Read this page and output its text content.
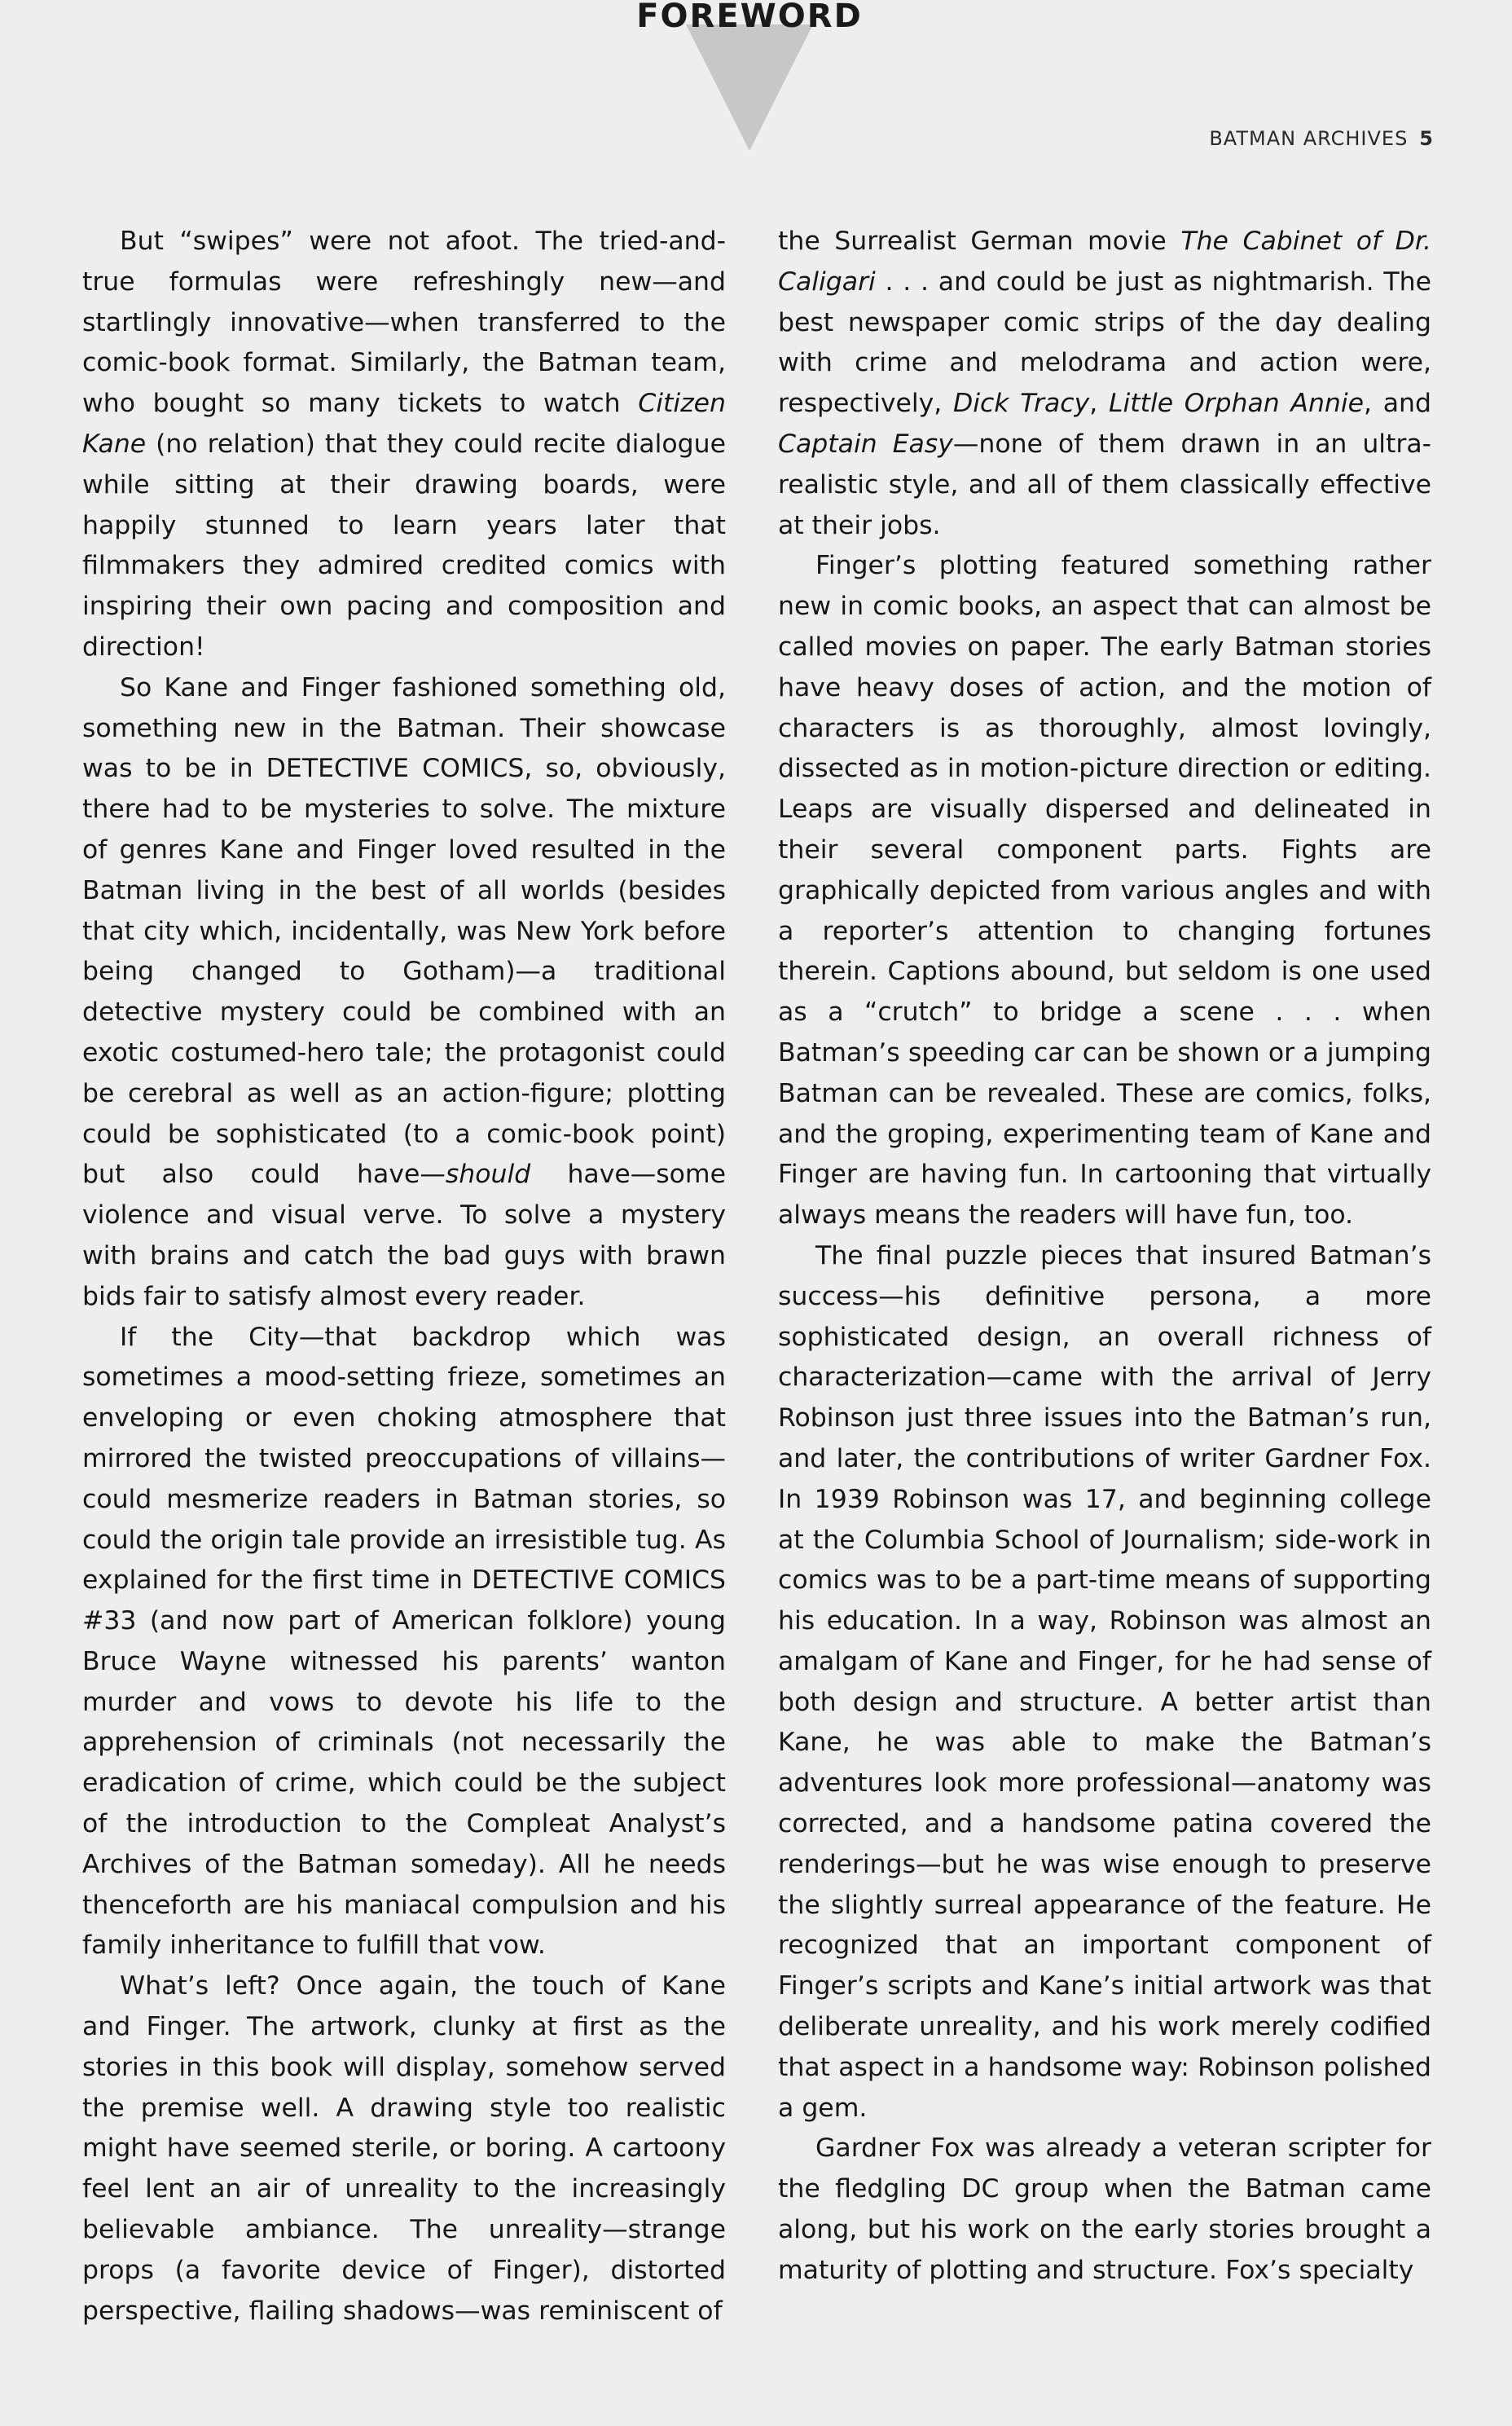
FOREWORD
BATMAN ARCHIVES 5

But “swipes” were not afoot. The tried-and-true formulas were refreshingly new—and startlingly innovative—when transferred to the comic-book format. Similarly, the Batman team, who bought so many tickets to watch Citizen Kane (no relation) that they could recite dialogue while sitting at their drawing boards, were happily stunned to learn years later that filmmakers they admired credited comics with inspiring their own pacing and composition and direction!

So Kane and Finger fashioned something old, something new in the Batman. Their showcase was to be in DETECTIVE COMICS, so, obviously, there had to be mysteries to solve. The mixture of genres Kane and Finger loved resulted in the Batman living in the best of all worlds (besides that city which, incidentally, was New York before being changed to Gotham)—a traditional detective mystery could be combined with an exotic costumed-hero tale; the protagonist could be cerebral as well as an action-figure; plotting could be sophisticated (to a comic-book point) but also could have—should have—some violence and visual verve. To solve a mystery with brains and catch the bad guys with brawn bids fair to satisfy almost every reader.

If the City—that backdrop which was sometimes a mood-setting frieze, sometimes an enveloping or even choking atmosphere that mirrored the twisted preoccupations of villains—could mesmerize readers in Batman stories, so could the origin tale provide an irresistible tug. As explained for the first time in DETECTIVE COMICS #33 (and now part of American folklore) young Bruce Wayne witnessed his parents’ wanton murder and vows to devote his life to the apprehension of criminals (not necessarily the eradication of crime, which could be the subject of the introduction to the Compleat Analyst’s Archives of the Batman someday). All he needs thenceforth are his maniacal compulsion and his family inheritance to fulfill that vow.

What’s left? Once again, the touch of Kane and Finger. The artwork, clunky at first as the stories in this book will display, somehow served the premise well. A drawing style too realistic might have seemed sterile, or boring. A cartoony feel lent an air of unreality to the increasingly believable ambiance. The unreality—strange props (a favorite device of Finger), distorted perspective, flailing shadows—was reminiscent of

the Surrealist German movie The Cabinet of Dr. Caligari . . . and could be just as nightmarish. The best newspaper comic strips of the day dealing with crime and melodrama and action were, respectively, Dick Tracy, Little Orphan Annie, and Captain Easy—none of them drawn in an ultra-realistic style, and all of them classically effective at their jobs.

Finger’s plotting featured something rather new in comic books, an aspect that can almost be called movies on paper. The early Batman stories have heavy doses of action, and the motion of characters is as thoroughly, almost lovingly, dissected as in motion-picture direction or editing. Leaps are visually dispersed and delineated in their several component parts. Fights are graphically depicted from various angles and with a reporter’s attention to changing fortunes therein. Captions abound, but seldom is one used as a “crutch” to bridge a scene . . . when Batman’s speeding car can be shown or a jumping Batman can be revealed. These are comics, folks, and the groping, experimenting team of Kane and Finger are having fun. In cartooning that virtually always means the readers will have fun, too.

The final puzzle pieces that insured Batman’s success—his definitive persona, a more sophisticated design, an overall richness of characterization—came with the arrival of Jerry Robinson just three issues into the Batman’s run, and later, the contributions of writer Gardner Fox. In 1939 Robinson was 17, and beginning college at the Columbia School of Journalism; side-work in comics was to be a part-time means of supporting his education. In a way, Robinson was almost an amalgam of Kane and Finger, for he had sense of both design and structure. A better artist than Kane, he was able to make the Batman’s adventures look more professional—anatomy was corrected, and a handsome patina covered the renderings—but he was wise enough to preserve the slightly surreal appearance of the feature. He recognized that an important component of Finger’s scripts and Kane’s initial artwork was that deliberate unreality, and his work merely codified that aspect in a handsome way: Robinson polished a gem.

Gardner Fox was already a veteran scripter for the fledgling DC group when the Batman came along, but his work on the early stories brought a maturity of plotting and structure. Fox’s specialty
